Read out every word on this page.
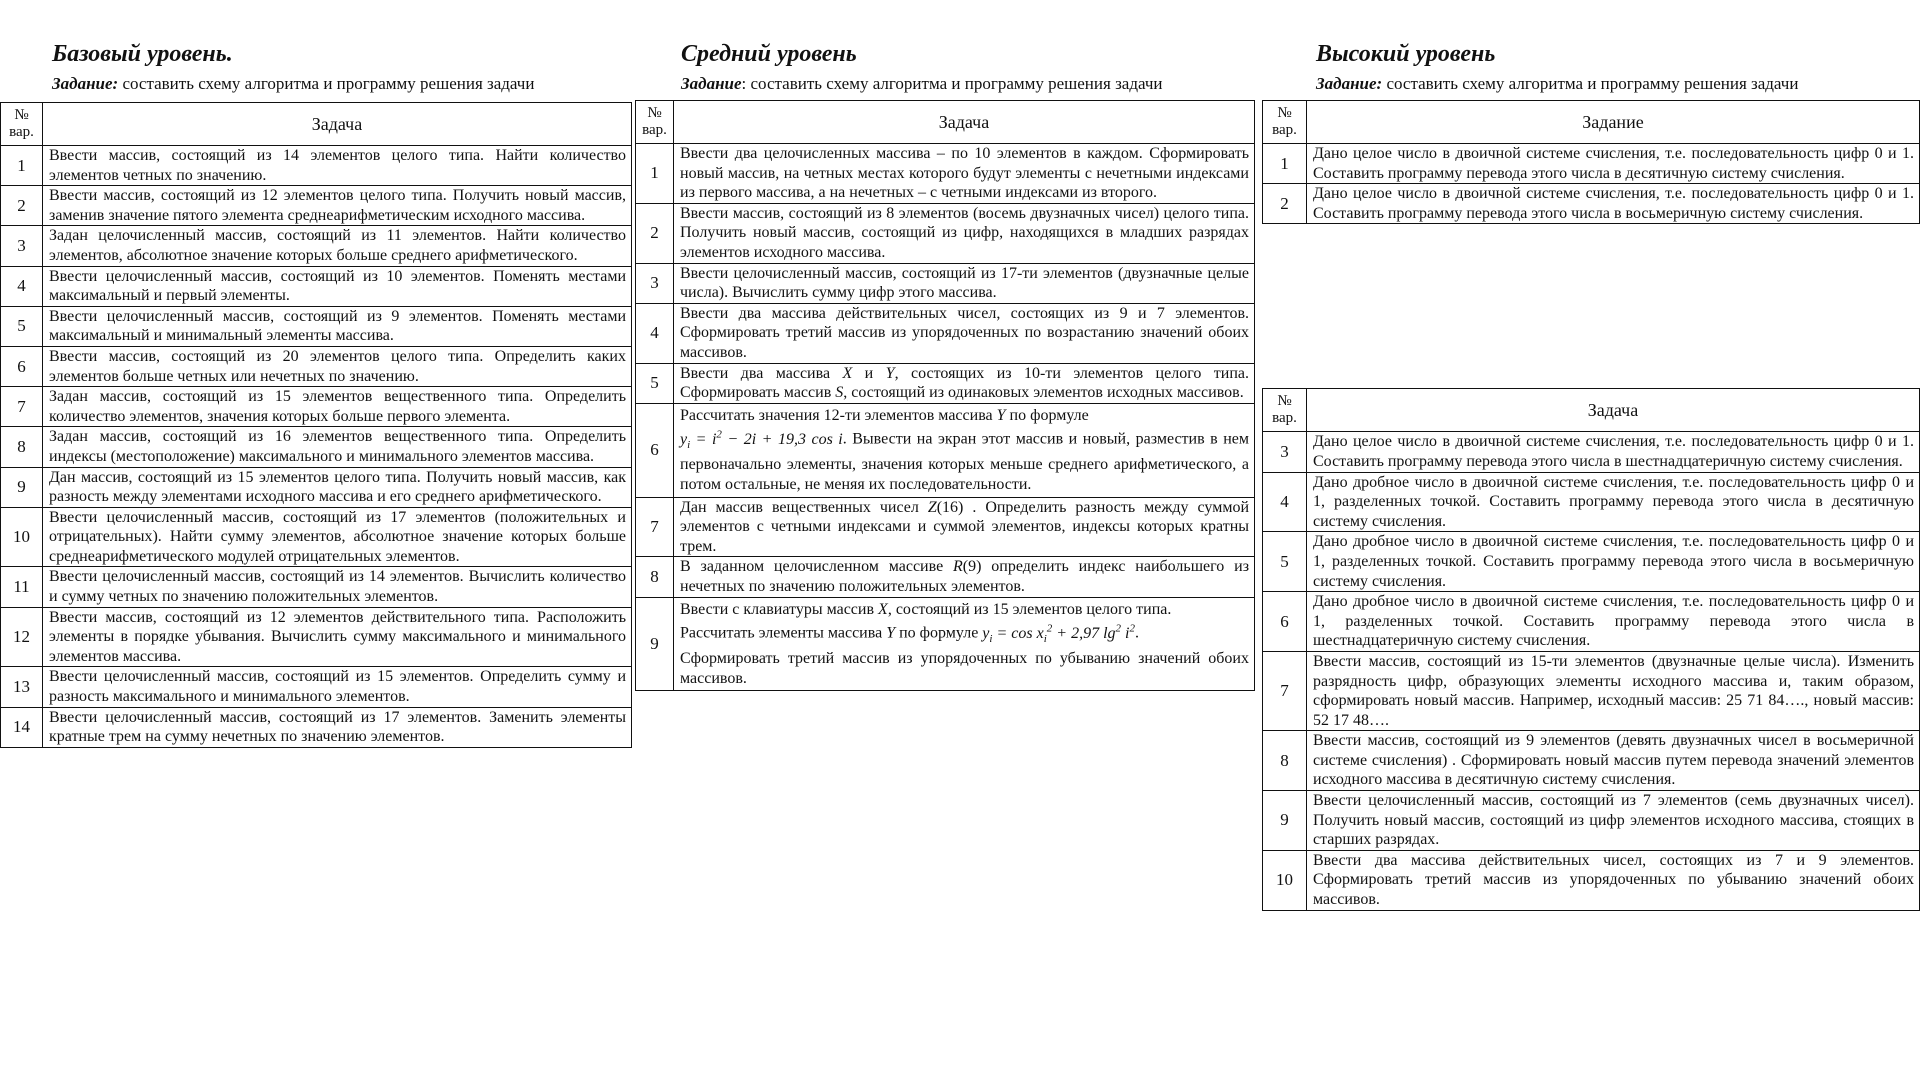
Базовый уровень.

Задание: составить схему алгоритма и программу решения задачи

№ вар.	Задача
1	Ввести массив, состоящий из 14 элементов целого типа. Найти количество элементов четных по значению.
2	Ввести массив, состоящий из 12 элементов целого типа. Получить новый массив, заменив значение пятого элемента среднеарифметическим исходного массива.
3	Задан целочисленный массив, состоящий из 11 элементов. Найти количество элементов, абсолютное значение которых больше среднего арифметического.
4	Ввести целочисленный массив, состоящий из 10 элементов. Поменять местами максимальный и первый элементы.
5	Ввести целочисленный массив, состоящий из 9 элементов. Поменять местами максимальный и минимальный элементы массива.
6	Ввести массив, состоящий из 20 элементов целого типа. Определить каких элементов больше четных или нечетных по значению.
7	Задан массив, состоящий из 15 элементов вещественного типа. Определить количество элементов, значения которых больше первого элемента.
8	Задан массив, состоящий из 16 элементов вещественного типа. Определить индексы (местоположение) максимального и минимального элементов массива.
9	Дан массив, состоящий из 15 элементов целого типа. Получить новый массив, как разность между элементами исходного массива и его среднего арифметического.
10	Ввести целочисленный массив, состоящий из 17 элементов (положительных и отрицательных). Найти сумму элементов, абсолютное значение которых больше среднеарифметического модулей отрицательных элементов.
11	Ввести целочисленный массив, состоящий из 14 элементов. Вычислить количество и сумму четных по значению положительных элементов.
12	Ввести массив, состоящий из 12 элементов действительного типа. Расположить элементы в порядке убывания. Вычислить сумму максимального и минимального элементов массива.
13	Ввести целочисленный массив, состоящий из 15 элементов. Определить сумму и разность максимального и минимального элементов.
14	Ввести целочисленный массив, состоящий из 17 элементов. Заменить элементы кратные трем на сумму нечетных по значению элементов.
Средний уровень

Задание: составить схему алгоритма и программу решения задачи

№ вар.	Задача
1	Ввести два целочисленных массива – по 10 элементов в каждом. Сформировать новый массив, на четных местах которого будут элементы с нечетными индексами из первого массива, а на нечетных – с четными индексами из второго.
2	Ввести массив, состоящий из 8 элементов (восемь двузначных чисел) целого типа. Получить новый массив, состоящий из цифр, находящихся в младших разрядах элементов исходного массива.
3	Ввести целочисленный массив, состоящий из 17-ти элементов (двузначные целые числа). Вычислить сумму цифр этого массива.
4	Ввести два массива действительных чисел, состоящих из 9 и 7 элементов. Сформировать третий массив из упорядоченных по возрастанию значений обоих массивов.
5	Ввести два массива X и Y, состоящих из 10-ти элементов целого типа. Сформировать массив S, состоящий из одинаковых элементов исходных массивов.
6	Рассчитать значения 12-ти элементов массива Y по формуле
$y_i = i^2 - 2i + 19,3$ cos i. Вывести на экран этот массив и новый, разместив в нем первоначально элементы, значения которых меньше среднего арифметического, а потом остальные, не меняя их последовательности.
7	Дан массив вещественных чисел Z(16) . Определить разность между суммой элементов с четными индексами и суммой элементов, индексы которых кратны трем.
8	В заданном целочисленном массиве R(9) определить индекс наибольшего из нечетных по значению положительных элементов.
9	Ввести с клавиатуры массив X, состоящий из 15 элементов целого типа.
Рассчитать элементы массива Y по формуле $y_i = \cos x_i^2 + 2,97$ $\lg^2 i^2$.
Сформировать третий массив из упорядоченных по убыванию значений обоих массивов.
Высокий уровень

Задание: составить схему алгоритма и программу решения задачи

№ вар.	Задание
1	Дано целое число в двоичной системе счисления, т.е. последовательность цифр 0 и 1. Составить программу перевода этого числа в десятичную систему счисления.
2	Дано целое число в двоичной системе счисления, т.е. последовательность цифр 0 и 1. Составить программу перевода этого числа в восьмеричную систему счисления.
№ вар.	Задача
3	Дано целое число в двоичной системе счисления, т.е. последовательность цифр 0 и 1. Составить программу перевода этого числа в шестнадцатеричную систему счисления.
4	Дано дробное число в двоичной системе счисления, т.е. последовательность цифр 0 и 1, разделенных точкой. Составить программу перевода этого числа в десятичную систему счисления.
5	Дано дробное число в двоичной системе счисления, т.е. последовательность цифр 0 и 1, разделенных точкой. Составить программу перевода этого числа в восьмеричную систему счисления.
6	Дано дробное число в двоичной системе счисления, т.е. последовательность цифр 0 и 1, разделенных точкой. Составить программу перевода этого числа в шестнадцатеричную систему счисления.
7	Ввести массив, состоящий из 15-ти элементов (двузначные целые числа). Изменить разрядность цифр, образующих элементы исходного массива и, таким образом, сформировать новый массив. Например, исходный массив: 25 71 84…., новый массив: 52 17 48….
8	Ввести массив, состоящий из 9 элементов (девять двузначных чисел в восьмеричной системе счисления) . Сформировать новый массив путем перевода значений элементов исходного массива в десятичную систему счисления.
9	Ввести целочисленный массив, состоящий из 7 элементов (семь двузначных чисел). Получить новый массив, состоящий из цифр элементов исходного массива, стоящих в старших разрядах.
10	Ввести два массива действительных чисел, состоящих из 7 и 9 элементов. Сформировать третий массив из упорядоченных по убыванию значений обоих массивов.
